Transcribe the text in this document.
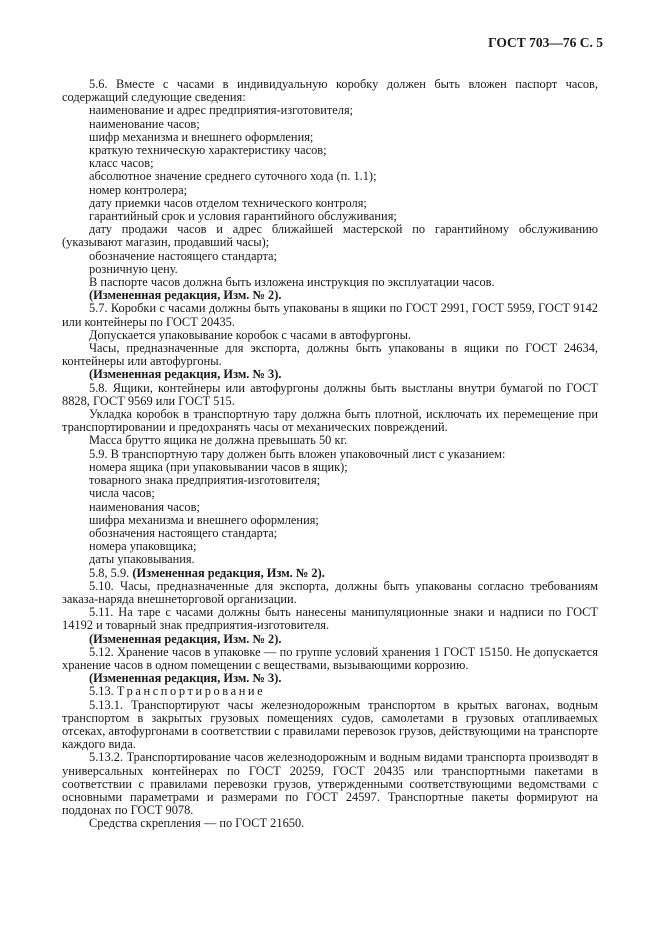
ГОСТ 703—76 С. 5
5.6. Вместе с часами в индивидуальную коробку должен быть вложен паспорт часов, содержащий следующие сведения:
наименование и адрес предприятия-изготовителя;
наименование часов;
шифр механизма и внешнего оформления;
краткую техническую характеристику часов;
класс часов;
абсолютное значение среднего суточного хода (п. 1.1);
номер контролера;
дату приемки часов отделом технического контроля;
гарантийный срок и условия гарантийного обслуживания;
дату продажи часов и адрес ближайшей мастерской по гарантийному обслуживанию (указывают магазин, продавший часы);
обозначение настоящего стандарта;
розничную цену.
В паспорте часов должна быть изложена инструкция по эксплуатации часов.
(Измененная редакция, Изм. № 2).
5.7. Коробки с часами должны быть упакованы в ящики по ГОСТ 2991, ГОСТ 5959, ГОСТ 9142 или контейнеры по ГОСТ 20435.
Допускается упаковывание коробок с часами в автофургоны.
Часы, предназначенные для экспорта, должны быть упакованы в ящики по ГОСТ 24634, контейнеры или автофургоны.
(Измененная редакция, Изм. № 3).
5.8. Ящики, контейнеры или автофургоны должны быть выстланы внутри бумагой по ГОСТ 8828, ГОСТ 9569 или ГОСТ 515.
Укладка коробок в транспортную тару должна быть плотной, исключать их перемещение при транспортировании и предохранять часы от механических повреждений.
Масса брутто ящика не должна превышать 50 кг.
5.9. В транспортную тару должен быть вложен упаковочный лист с указанием:
номера ящика (при упаковывании часов в ящик);
товарного знака предприятия-изготовителя;
числа часов;
наименования часов;
шифра механизма и внешнего оформления;
обозначения настоящего стандарта;
номера упаковщика;
даты упаковывания.
5.8, 5.9. (Измененная редакция, Изм. № 2).
5.10. Часы, предназначенные для экспорта, должны быть упакованы согласно требованиям заказа-наряда внешнеторговой организации.
5.11. На таре с часами должны быть нанесены манипуляционные знаки и надписи по ГОСТ 14192 и товарный знак предприятия-изготовителя.
(Измененная редакция, Изм. № 2).
5.12. Хранение часов в упаковке — по группе условий хранения 1 ГОСТ 15150. Не допускается хранение часов в одном помещении с веществами, вызывающими коррозию.
(Измененная редакция, Изм. № 3).
5.13. Транспортирование
5.13.1. Транспортируют часы железнодорожным транспортом в крытых вагонах, водным транспортом в закрытых грузовых помещениях судов, самолетами в грузовых отапливаемых отсеках, автофургонами в соответствии с правилами перевозок грузов, действующими на транспорте каждого вида.
5.13.2. Транспортирование часов железнодорожным и водным видами транспорта производят в универсальных контейнерах по ГОСТ 20259, ГОСТ 20435 или транспортными пакетами в соответствии с правилами перевозки грузов, утвержденными соответствующими ведомствами с основными параметрами и размерами по ГОСТ 24597. Транспортные пакеты формируют на поддонах по ГОСТ 9078.
Средства скрепления — по ГОСТ 21650.
